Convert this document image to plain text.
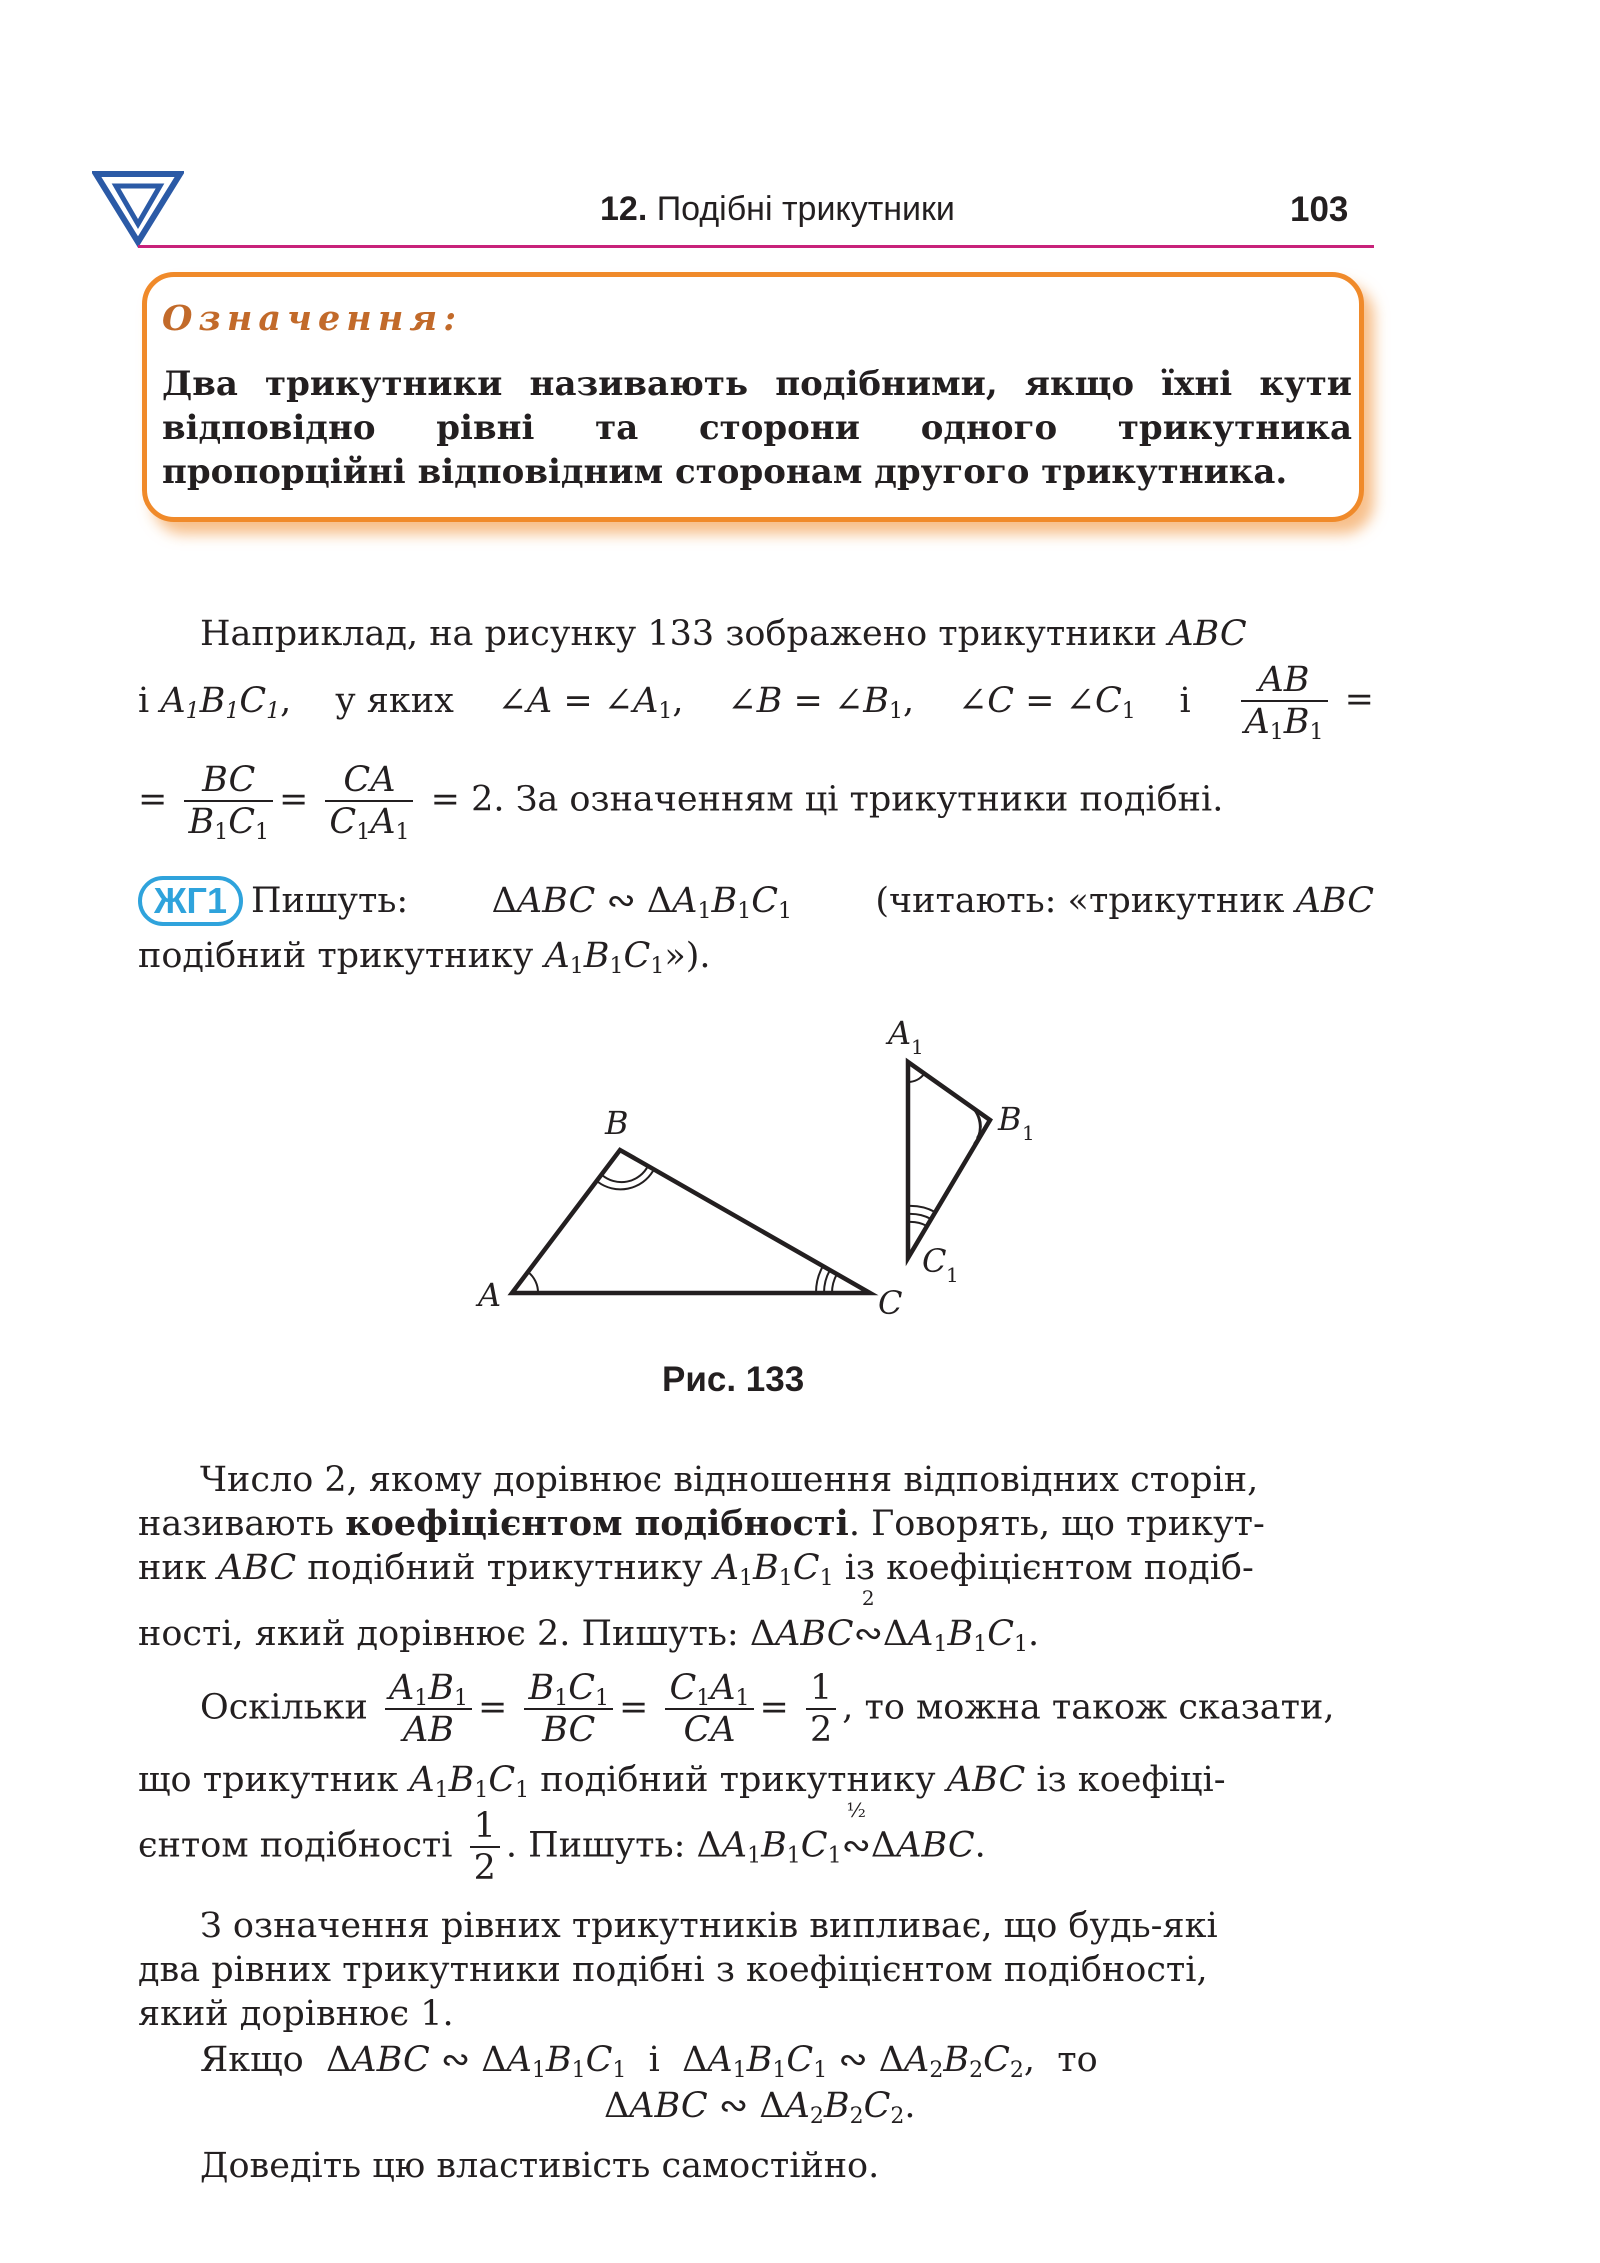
12. Подібні трикутники	103
Означення:
Два трикутники називають подібними, якщо їхні кути відповідно рівні та сторони одного трикутника пропорційні відповідним сторонам другого трикутника.
Наприклад, на рисунку 133 зображено трикутники ABC
і $A_1B_1C_1$, у яких ∠A = $\angle A_1$, ∠B = $\angle B_1$, ∠C = $\angle C_1$ і $\frac{AB}{A_1B_1}$ =
= $\frac{BC}{B_1C_1} = \frac{CA}{C_1A_1} = 2$. За означенням ці трикутники подібні.
ЖГ1 Пишуть: ΔABC ∾ $\Delta A_1B_1C_1$ (читають: «трикутник ABC
подібний трикутнику $A_1B_1C_1$»).
A
B
C
A 1
B 1
C 1
Рис. 133
Число 2, якому дорівнює відношення відповідних сторін,
називають коефіцієнтом подібності. Говорять, що трикут-
ник ABC подібний трикутнику $A_1B_1C_1$ із коефіцієнтом подіб-
ності, який дорівнює 2. Пишуть: ΔABC
2
$∾\Delta A_1B_1C_1$.
Оскільки $\frac{A_1B_1}{AB} = \frac{B_1C_1}{BC} = \frac{C_1A_1}{CA} = \frac{1}{2}$ , то можна також сказати,
що трикутник $A_1B_1C_1$ подібний трикутнику ABC із коефіці-
єнтом подібності $\frac{1}{2}$ . Пишуть: $\Delta A_1B_1C_1$
½
∾ΔABC.
З означення рівних трикутників випливає, що будь-які
два рівних трикутники подібні з коефіцієнтом подібності,
який дорівнює 1.
Якщо  ΔABC ∾ $\Delta A_1B_1C_1$ і  $\Delta A_1B_1C_1$ ∾ $\Delta A_2B_2C_2$,  то
ΔABC ∾ $\Delta A_2B_2C_2$.
Доведіть цю властивість самостійно.
